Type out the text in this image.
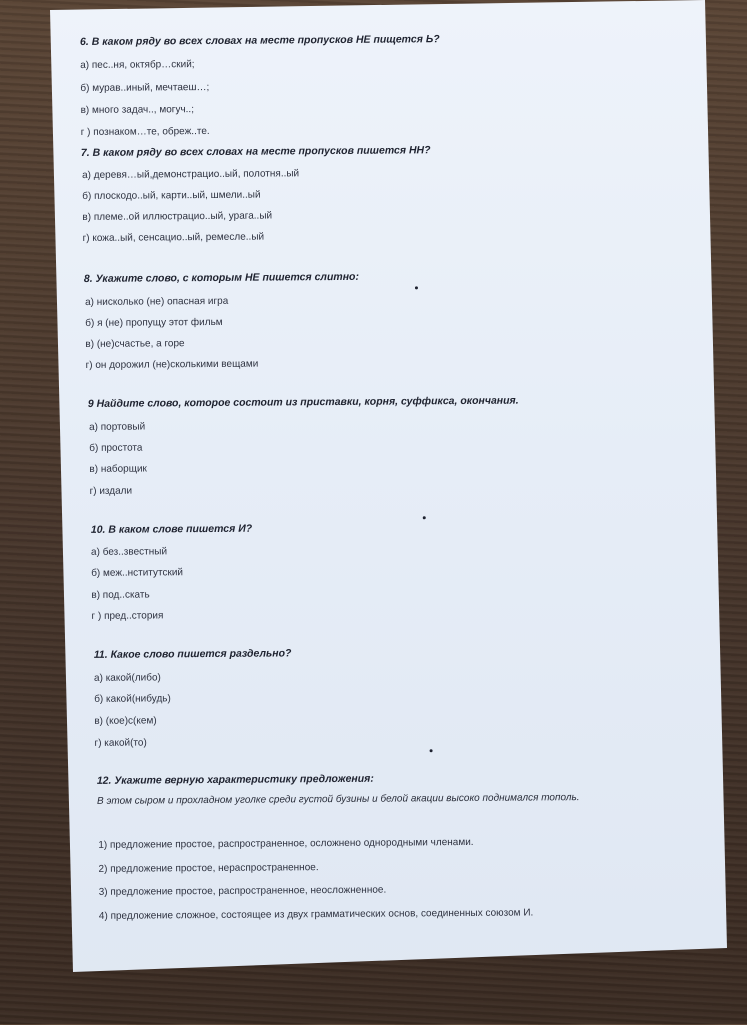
6. В каком ряду во всех словах на месте пропусков НЕ пищется Ь?
а) пес..ня, октябр…ский;
б) мурав..иный, мечтаеш…;
в) много задач.., могуч..;
г ) познаком…те, обреж..те.
7. В каком ряду во всех словах на месте пропусков пишется НН?
а) деревя…ый,демонстрацио..ый, полотня..ый
б) плоскодо..ый, карти..ый, шмели..ый
в) племе..ой иллюстрацио..ый, урага..ый
г) кожа..ый, сенсацио..ый, ремесле..ый
8. Укажите слово, с которым НЕ пишется слитно:
а) нисколько (не) опасная игра
б) я (не) пропущу этот фильм
в) (не)счастье, а горе
г) он дорожил (не)сколькими вещами
9 Найдите слово, которое состоит из приставки, корня, суффикса, окончания.
а) портовый
б) простота
в) наборщик
г) издали
10. В каком слове пишется И?
а) без..звестный
б) меж..нститутский
в) под..скать
г ) пред..стория
11. Какое слово пишется раздельно?
а) какой(либо)
б) какой(нибудь)
в) (кое)с(кем)
г) какой(то)
12. Укажите верную характеристику предложения:
В этом сыром и прохладном уголке среди густой бузины и белой акации высоко поднимался тополь.
1) предложение простое, распространенное, осложнено однородными членами.
2) предложение простое, нераспространенное.
3) предложение простое, распространенное, неосложненное.
4) предложение сложное, состоящее из двух грамматических основ, соединенных союзом И.
